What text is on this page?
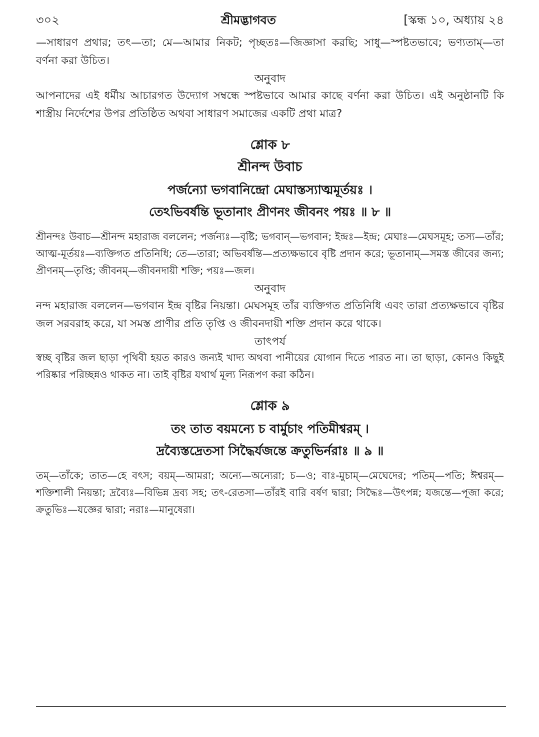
৩০২	শ্রীমদ্ভাগবত	[স্কন্ধ ১০, অধ্যায় ২৪

—সাধারণ প্রথার; তৎ—তা; মে—আমার নিকট; পৃচ্ছতঃ—জিজ্ঞাসা করছি; সাধু—স্পষ্টতভাবে; ভণ্যতাম্—তা বর্ণনা করা উচিত।

অনুবাদ

আপনাদের এই ধর্মীয় আচারগত উদ্যোগ সম্বন্ধে স্পষ্টভাবে আমার কাছে বর্ণনা করা উচিত। এই অনুষ্ঠানটি কি শাস্ত্রীয় নির্দেশের উপর প্রতিষ্ঠিত অথবা সাধারণ সমাজের একটি প্রথা মাত্র?

শ্লোক ৮
শ্রীনন্দ উবাচ
পর্জন্যো ভগবানিন্দ্রো মেঘাস্তস্যাত্মমূর্তয়ঃ ।
তেঽভিবর্ষন্তি ভূতানাং প্রীণনং জীবনং পয়ঃ ॥ ৮ ॥

শ্রীনন্দঃ উবাচ—শ্রীনন্দ মহারাজ বললেন; পর্জন্যঃ—বৃষ্টি; ভগবান্—ভগবান; ইন্দ্রঃ—ইন্দ্র; মেঘাঃ—মেঘসমূহ; তস্য—তাঁর; আত্ম-মূর্তয়ঃ—ব্যক্তিগত প্রতিনিধি; তে—তারা; অভিবর্ষন্তি—প্রত্যক্ষভাবে বৃষ্টি প্রদান করে; ভূতানাম্—সমস্ত জীবের জন্য; প্রীণনম্—তৃপ্তি; জীবনম্—জীবনদায়ী শক্তি; পয়ঃ—জল।

অনুবাদ

নন্দ মহারাজ বললেন—ভগবান ইন্দ্র বৃষ্টির নিয়ন্তা। মেঘসমূহ তাঁর ব্যক্তিগত প্রতিনিধি এবং তারা প্রত্যক্ষভাবে বৃষ্টির জল সরবরাহ করে, যা সমস্ত প্রাণীর প্রতি তৃপ্তি ও জীবনদায়ী শক্তি প্রদান করে থাকে।

তাৎপর্য

স্বচ্ছ বৃষ্টির জল ছাড়া পৃথিবী হয়ত কারও জন্যই খাদ্য অথবা পানীয়ের যোগান দিতে পারত না। তা ছাড়া, কোনও কিছুই পরিষ্কার পরিচ্ছন্নও থাকত না। তাই বৃষ্টির যথার্থ মূল্য নিরূপণ করা কঠিন।

শ্লোক ৯
তং তাত বয়মন্যে চ বার্মুচাং পতিমীশ্বরম্ ।
দ্রব্যৈস্তদ্রেতসা সিদ্ধৈর্যজন্তে ক্রতুভির্নরাঃ ॥ ৯ ॥

তম্—তাঁকে; তাত—হে বৎস; বয়ম্—আমরা; অন্যে—অন্যেরা; চ—ও; বাঃ-মুচাম্—মেঘেদের; পতিম্—পতি; ঈশ্বরম্—শক্তিশালী নিয়ন্তা; দ্রব্যৈঃ—বিভিন্ন দ্রব্য সহ; তৎ-রেতসা—তাঁরই বারি বর্ষণ দ্বারা; সিদ্ধৈঃ—উৎপন্ন; যজন্তে—পূজা করে; ক্রতুভিঃ—যজ্ঞের দ্বারা; নরাঃ—মানুষেরা।
